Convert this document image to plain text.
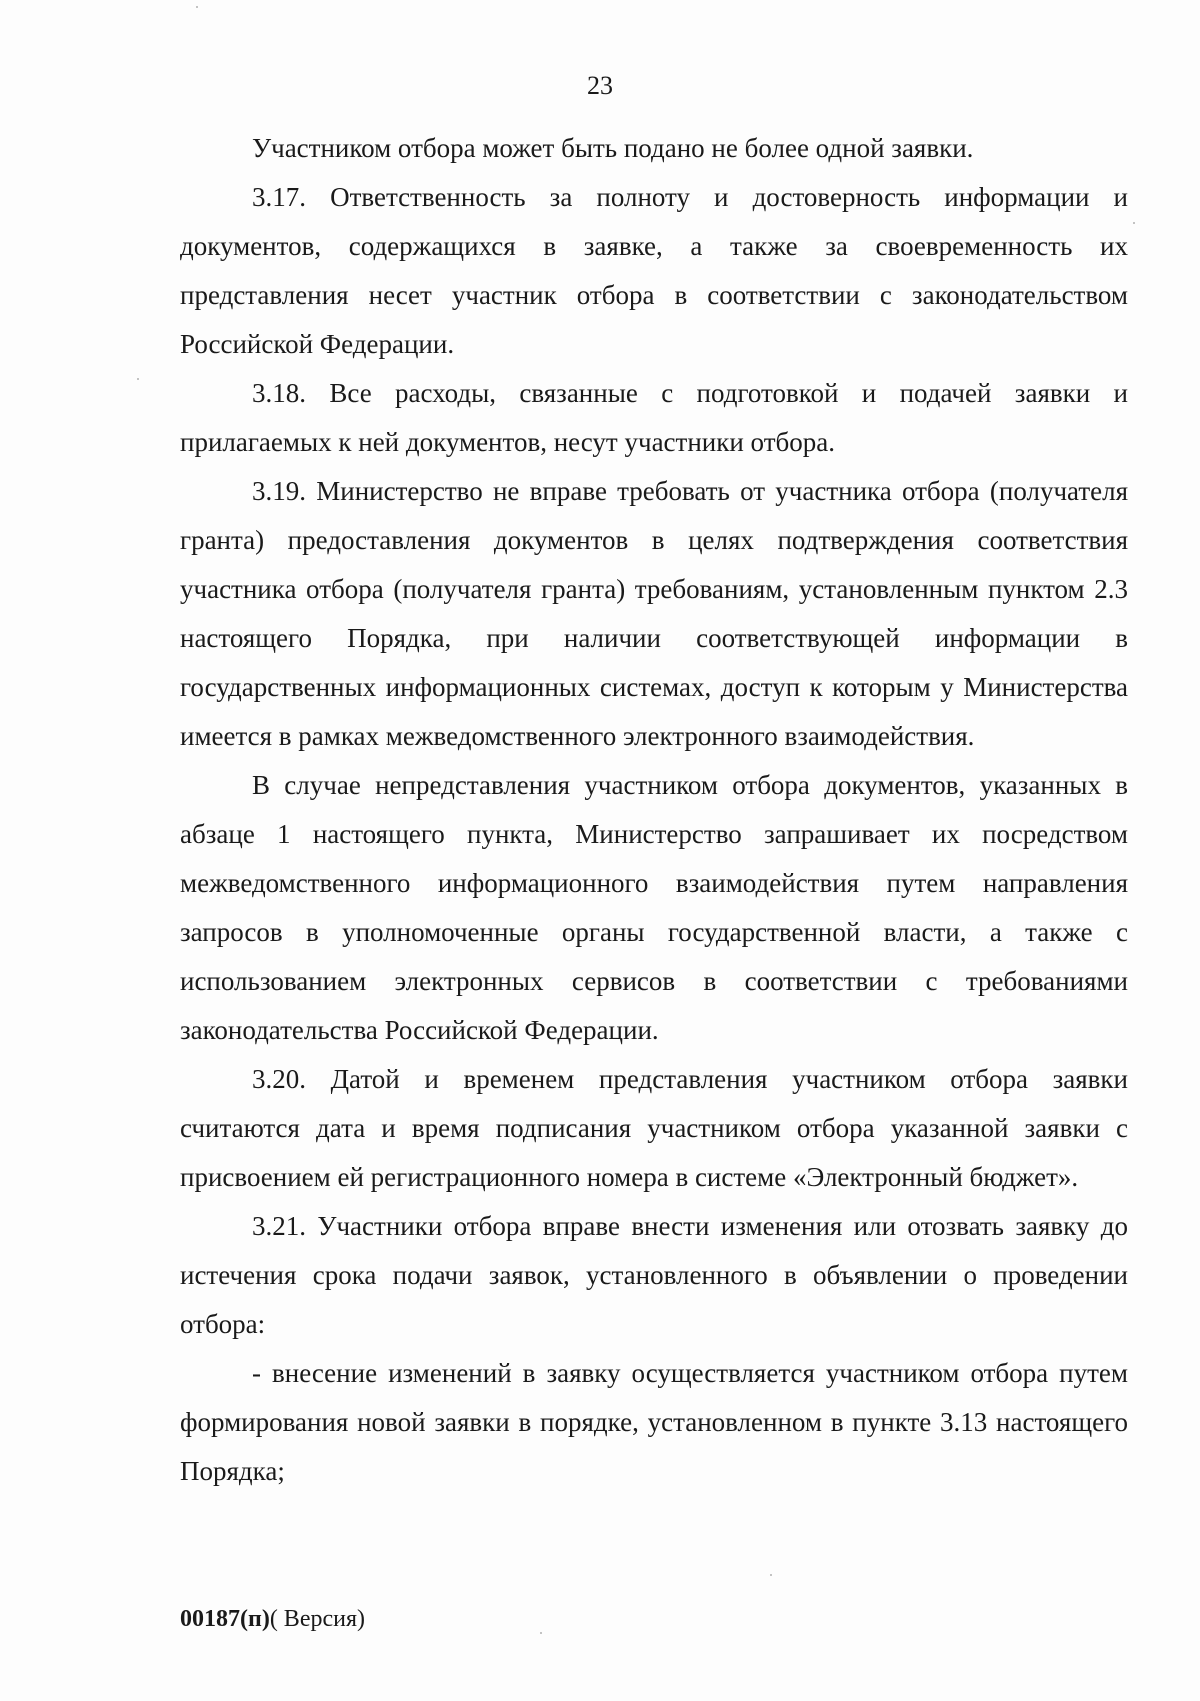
23

Участником отбора может быть подано не более одной заявки.

3.17. Ответственность за полноту и достоверность информации и документов, содержащихся в заявке, а также за своевременность их представления несет участник отбора в соответствии с законодательством Российской Федерации.

3.18. Все расходы, связанные с подготовкой и подачей заявки и прилагаемых к ней документов, несут участники отбора.

3.19. Министерство не вправе требовать от участника отбора (получателя гранта) предоставления документов в целях подтверждения соответствия участника отбора (получателя гранта) требованиям, установленным пунктом 2.3 настоящего Порядка, при наличии соответствующей информации в государственных информационных системах, доступ к которым у Министерства имеется в рамках межведомственного электронного взаимодействия.

В случае непредставления участником отбора документов, указанных в абзаце 1 настоящего пункта, Министерство запрашивает их посредством межведомственного информационного взаимодействия путем направления запросов в уполномоченные органы государственной власти, а также с использованием электронных сервисов в соответствии с требованиями законодательства Российской Федерации.

3.20. Датой и временем представления участником отбора заявки считаются дата и время подписания участником отбора указанной заявки с присвоением ей регистрационного номера в системе «Электронный бюджет».

3.21. Участники отбора вправе внести изменения или отозвать заявку до истечения срока подачи заявок, установленного в объявлении о проведении отбора:

- внесение изменений в заявку осуществляется участником отбора путем формирования новой заявки в порядке, установленном в пункте 3.13 настоящего Порядка;

00187(п)( Версия)
